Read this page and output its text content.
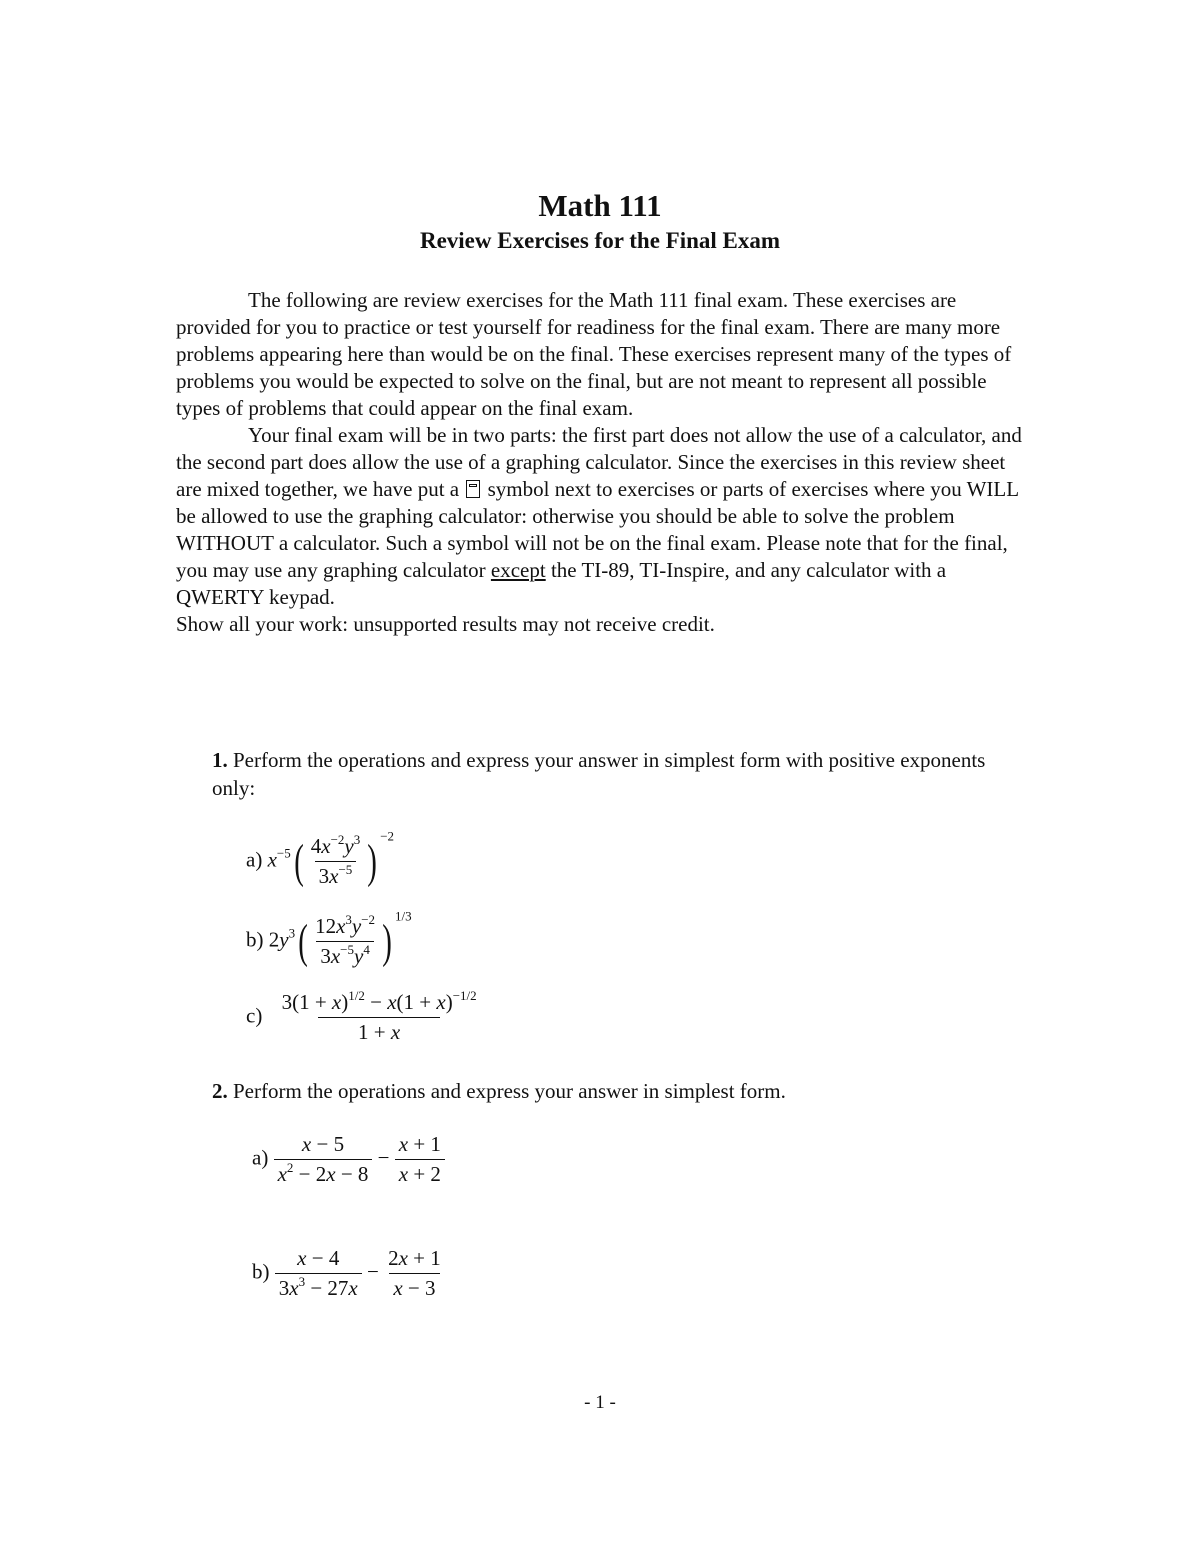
Math 111
Review Exercises for the Final Exam

The following are review exercises for the Math 111 final exam. These exercises are provided for you to practice or test yourself for readiness for the final exam. There are many more problems appearing here than would be on the final. These exercises represent many of the types of problems you would be expected to solve on the final, but are not meant to represent all possible types of problems that could appear on the final exam.

Your final exam will be in two parts: the first part does not allow the use of a calculator, and the second part does allow the use of a graphing calculator. Since the exercises in this review sheet are mixed together, we have put a symbol next to exercises or parts of exercises where you WILL be allowed to use the graphing calculator: otherwise you should be able to solve the problem WITHOUT a calculator. Such a symbol will not be on the final exam. Please note that for the final, you may use any graphing calculator except the TI-89, TI-Inspire, and any calculator with a QWERTY keypad.

Show all your work: unsupported results may not receive credit.

1. Perform the operations and express your answer in simplest form with positive exponents only:
a) $x^{-5}( \frac{4x^{-2}y^3}{3x^{-5}}$ ) $^{-2}$
b) $2y^3( \frac{12x^3y^{-2}}{3x^{-5}y^4}$ ) $^{1/3}$
$c) \frac{3(1 + x)^{1/2} - x(1 + x)^{-1/2}}{1 + x}$
2. Perform the operations and express your answer in simplest form.
$a) \frac{x - 5}{x^2 - 2x - 8} - \frac{x + 1}{x + 2}$
$b) \frac{x - 4}{3x^3 - 27x} - \frac{2x + 1}{x - 3}$
- 1 -
